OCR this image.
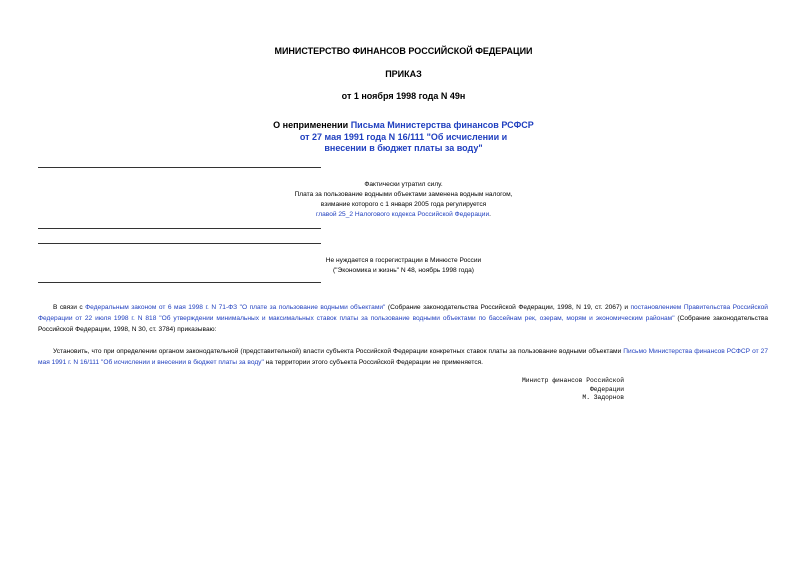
МИНИСТЕРСТВО ФИНАНСОВ РОССИЙСКОЙ ФЕДЕРАЦИИ
ПРИКАЗ
от 1 ноября 1998 года N 49н
О неприменении Письма Министерства финансов РСФСР
от 27 мая 1991 года N 16/111 "Об исчислении и
внесении в бюджет платы за воду"
Фактически утратил силу.
Плата за пользование водными объектами заменена водным налогом,
взимание которого с 1 января 2005 года регулируется
главой 25_2 Налогового кодекса Российской Федерации.
Не нуждается в госрегистрации в Минюсте России
("Экономика и жизнь" N 48, ноябрь 1998 года)
В связи с Федеральным законом от 6 мая 1998 г. N 71-ФЗ "О плате за пользование водными объектами" (Собрание законодательства Российской Федерации, 1998, N 19, ст. 2067) и постановлением Правительства Российской Федерации от 22 июля 1998 г. N 818 "Об утверждении минимальных и максимальных ставок платы за пользование водными объектами по бассейнам рек, озерам, морям и экономическим районам" (Собрание законодательства Российской Федерации, 1998, N 30, ст. 3784) приказываю:
Установить, что при определении органом законодательной (представительной) власти субъекта Российской Федерации конкретных ставок платы за пользование водными объектами Письмо Министерства финансов РСФСР от 27 мая 1991 г. N 16/111 "Об исчислении и внесении в бюджет платы за воду" на территории этого субъекта Российской Федерации не применяется.
Министр финансов Российской
Федерации
М. Задорнов
